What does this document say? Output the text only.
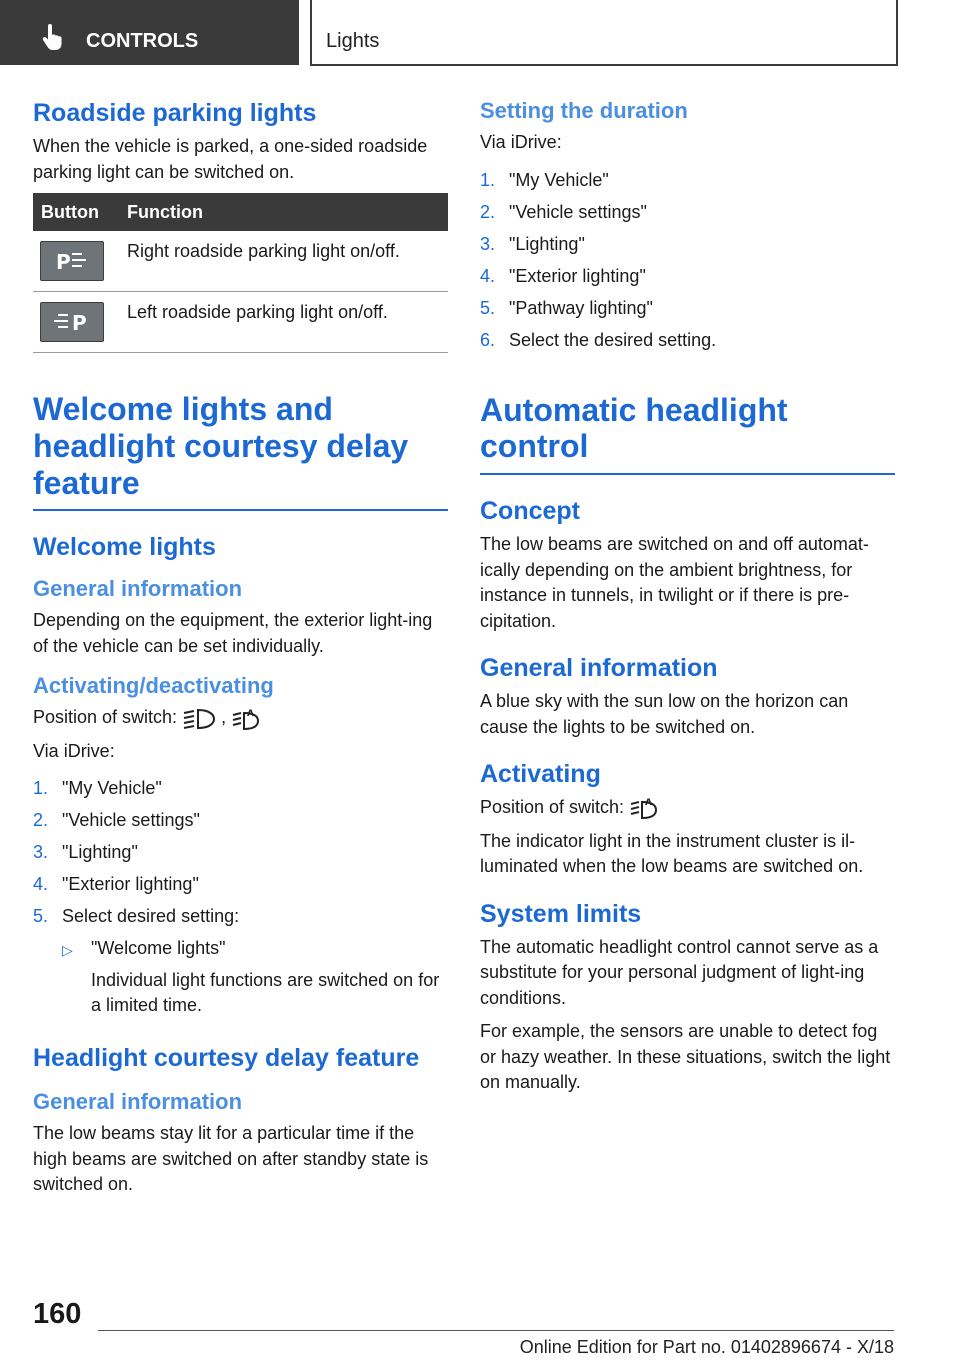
CONTROLS	Lights
Roadside parking lights

When the vehicle is parked, a one-sided roadside parking light can be switched on.

Button	Function

P	Right roadside parking light on/off.

P	Left roadside parking light on/off.
Welcome lights and headlight courtesy delay feature
Welcome lights
General information

Depending on the equipment, the exterior light-ing of the vehicle can be set individually.

Activating/deactivating

Position of switch: , A

Via iDrive:

1. "My Vehicle"
2. "Vehicle settings"
3. "Lighting"
4. "Exterior lighting"
5. Select desired setting:
▷	"Welcome lights"
Individual light functions are switched on for a limited time.
Headlight courtesy delay feature
General information

The low beams stay lit for a particular time if the high beams are switched on after standby state is switched on.

Setting the duration

Via iDrive:

1. "My Vehicle"
2. "Vehicle settings"
3. "Lighting"
4. "Exterior lighting"
5. "Pathway lighting"
6. Select the desired setting.
Automatic headlight control
Concept

The low beams are switched on and off automat-ically depending on the ambient brightness, for instance in tunnels, in twilight or if there is pre-cipitation.

General information

A blue sky with the sun low on the horizon can cause the lights to be switched on.

Activating

Position of switch: A

The indicator light in the instrument cluster is il-luminated when the low beams are switched on.

System limits

The automatic headlight control cannot serve as a substitute for your personal judgment of light-ing conditions.

For example, the sensors are unable to detect fog or hazy weather. In these situations, switch the light on manually.

160
Online Edition for Part no. 01402896674 - X/18
